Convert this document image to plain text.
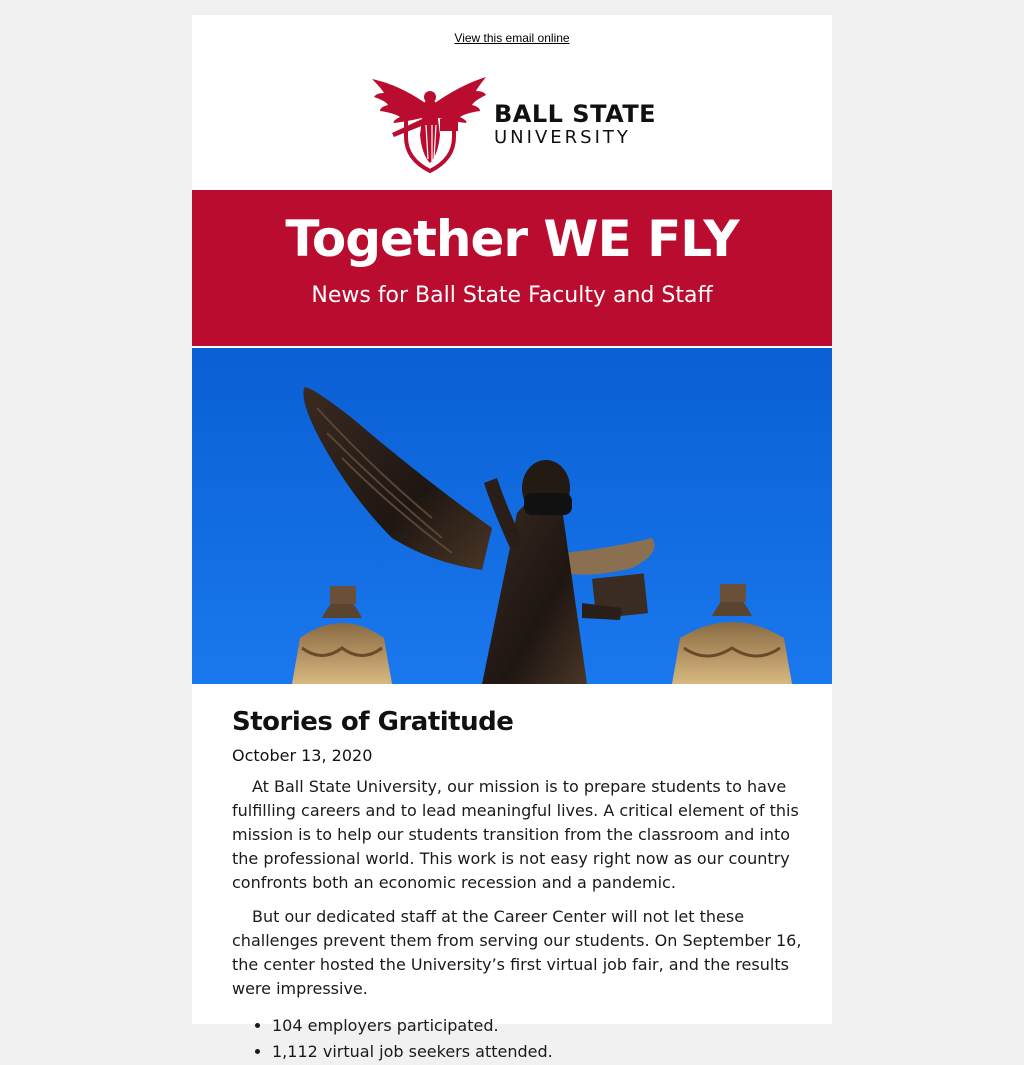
View this email online
BALL STATE
UNIVERSITY
Together WE FLY
News for Ball State Faculty and Staff
Stories of Gratitude
October 13, 2020

At Ball State University, our mission is to prepare students to have fulfilling careers and to lead meaningful lives. A critical element of this mission is to help our students transition from the classroom and into the professional world. This work is not easy right now as our country confronts both an economic recession and a pandemic.

But our dedicated staff at the Career Center will not let these challenges prevent them from serving our students. On September 16, the center hosted the University’s first virtual job fair, and the results were impressive.

• 104 employers participated.
• 1,112 virtual job seekers attended.
